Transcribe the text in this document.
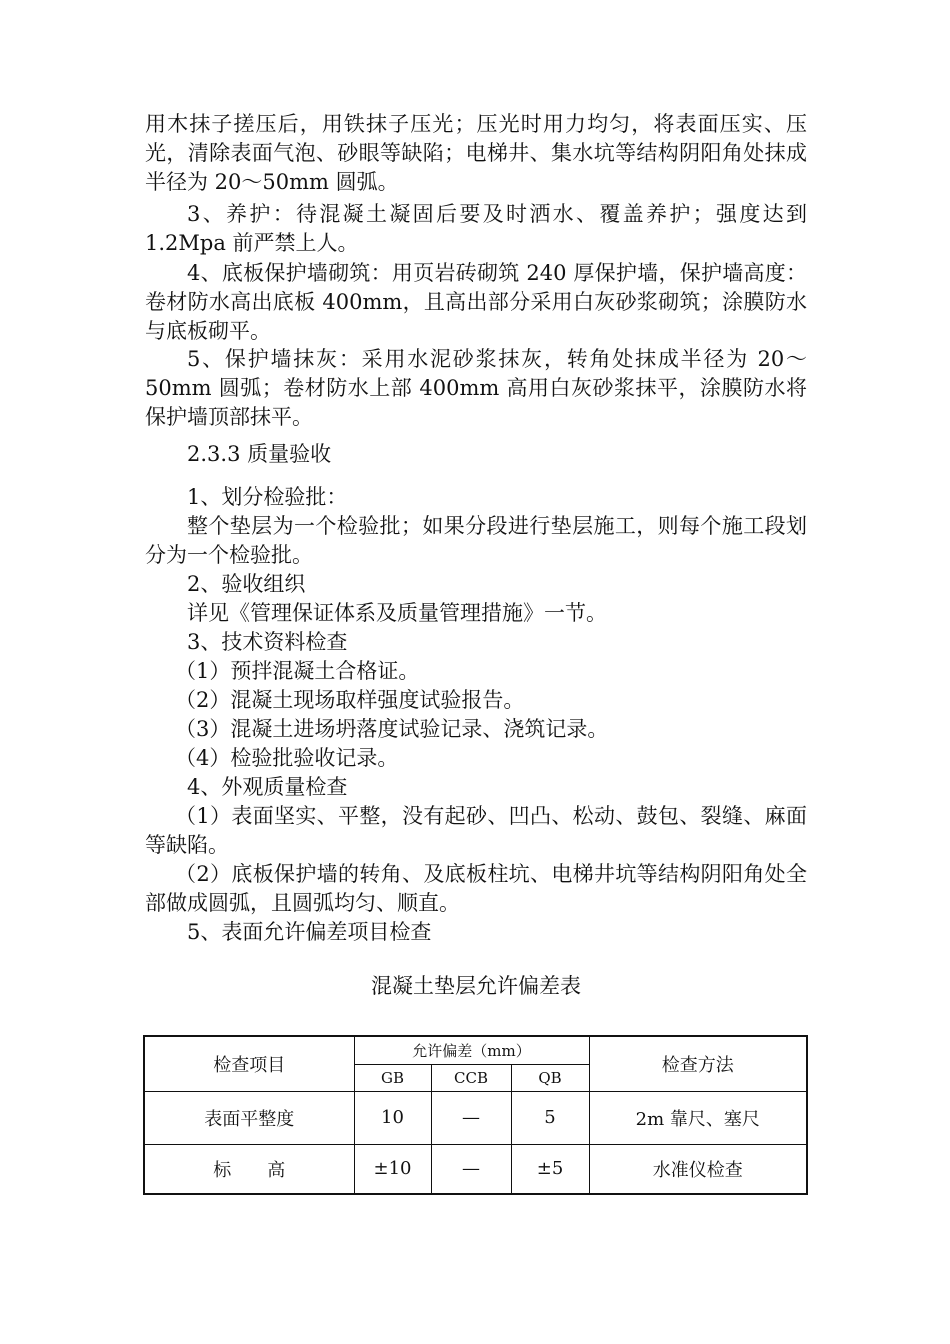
用木抹子搓压后，用铁抹子压光；压光时用力均匀，将表面压实、压光，清除表面气泡、砂眼等缺陷；电梯井、集水坑等结构阴阳角处抹成半径为 20～50mm 圆弧。

3、养护：待混凝土凝固后要及时洒水、覆盖养护；强度达到 1.2Mpa 前严禁上人。

4、底板保护墙砌筑：用页岩砖砌筑 240 厚保护墙，保护墙高度：卷材防水高出底板 400mm，且高出部分采用白灰砂浆砌筑；涂膜防水与底板砌平。

5、保护墙抹灰：采用水泥砂浆抹灰，转角处抹成半径为 20～50mm 圆弧；卷材防水上部 400mm 高用白灰砂浆抹平，涂膜防水将保护墙顶部抹平。

2.3.3 质量验收

1、划分检验批：

整个垫层为一个检验批；如果分段进行垫层施工，则每个施工段划分为一个检验批。

2、验收组织

详见《管理保证体系及质量管理措施》一节。

3、技术资料检查

（1）预拌混凝土合格证。

（2）混凝土现场取样强度试验报告。

（3）混凝土进场坍落度试验记录、浇筑记录。

（4）检验批验收记录。

4、外观质量检查

（1）表面坚实、平整，没有起砂、凹凸、松动、鼓包、裂缝、麻面等缺陷。

（2）底板保护墙的转角、及底板柱坑、电梯井坑等结构阴阳角处全部做成圆弧，且圆弧均匀、顺直。

5、表面允许偏差项目检查

混凝土垫层允许偏差表

检查项目	允许偏差（mm）			检查方法
	GB	CCB	QB	
表面平整度	10	—	5	2m 靠尺、塞尺
标　　高	±10	—	±5	水准仪检查
